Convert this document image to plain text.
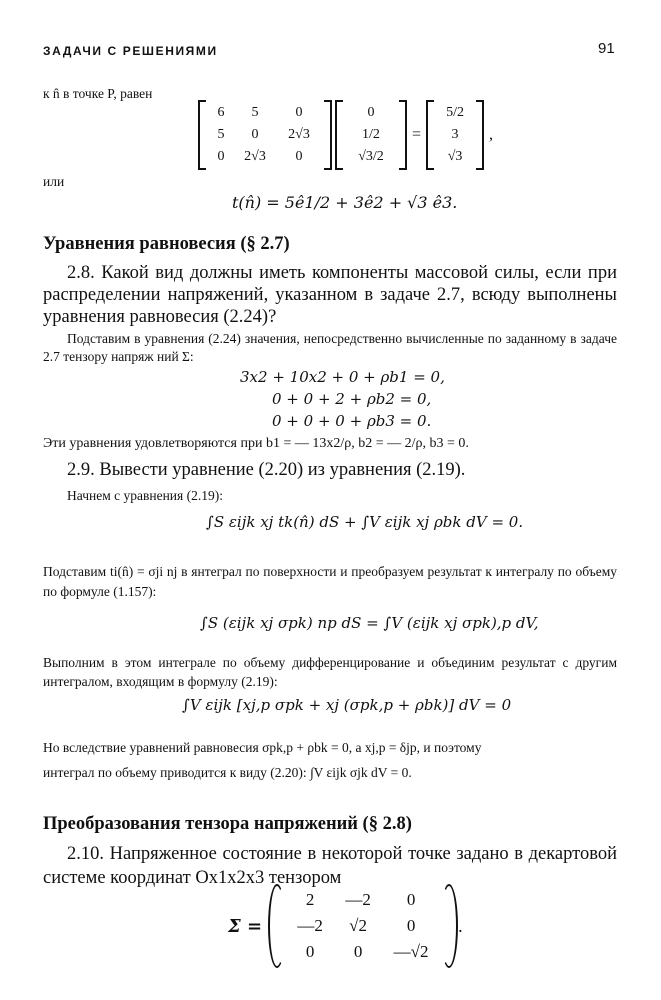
ЗАДАЧИ С РЕШЕНИЯМИ	91
к n̂ в точке P, равен
6	5	0
5	0	2√3
0	2√3	0
0
1/2
√3/2
=
5/2
3
√3
,
или
t(n̂) = 5ê1/2 + 3ê2 + √3 ê3.
Уравнения равновесия (§ 2.7)
2.8. Какой вид должны иметь компоненты массовой силы, если при распределении напряжений, указанном в задаче 2.7, всюду выполнены уравнения равновесия (2.24)?
Подставим в уравнения (2.24) значения, непосредственно вычисленные по заданному в задаче 2.7 тензору напряж ний Σ:
3x2 + 10x2 + 0 + ρb1 = 0,
0 + 0 + 2 + ρb2 = 0,
0 + 0 + 0 + ρb3 = 0.
Эти уравнения удовлетворяются при b1 = — 13x2/ρ, b2 = — 2/ρ, b3 = 0.
2.9. Вывести уравнение (2.20) из уравнения (2.19).
Начнем с уравнения (2.19):
∫S εijk xj tk(n̂) dS + ∫V εijk xj ρbk dV = 0.
Подставим ti(n̂) = σji nj в янтеграл по поверхности и преобразуем результат к интегралу по объему по формуле (1.157):
∫S (εijk xj σpk) np dS = ∫V (εijk xj σpk),p dV,
Выполним в этом интеграле по объему дифференцирование и объединим результат с другим интегралом, входящим в формулу (2.19):
∫V εijk [xj,p σpk + xj (σpk,p + ρbk)] dV = 0
Но вследствие уравнений равновесия σpk,p + ρbk = 0, а xj,p = δjp, и поэтому
интеграл по объему приводится к виду (2.20): ∫V εijk σjk dV = 0.
Преобразования тензора напряжений (§ 2.8)
2.10. Напряженное состояние в некоторой точке задано в декартовой системе координат Ox1x2x3 тензором
Σ =
2	—2	0
—2	√2	0
0	0	—√2
.
